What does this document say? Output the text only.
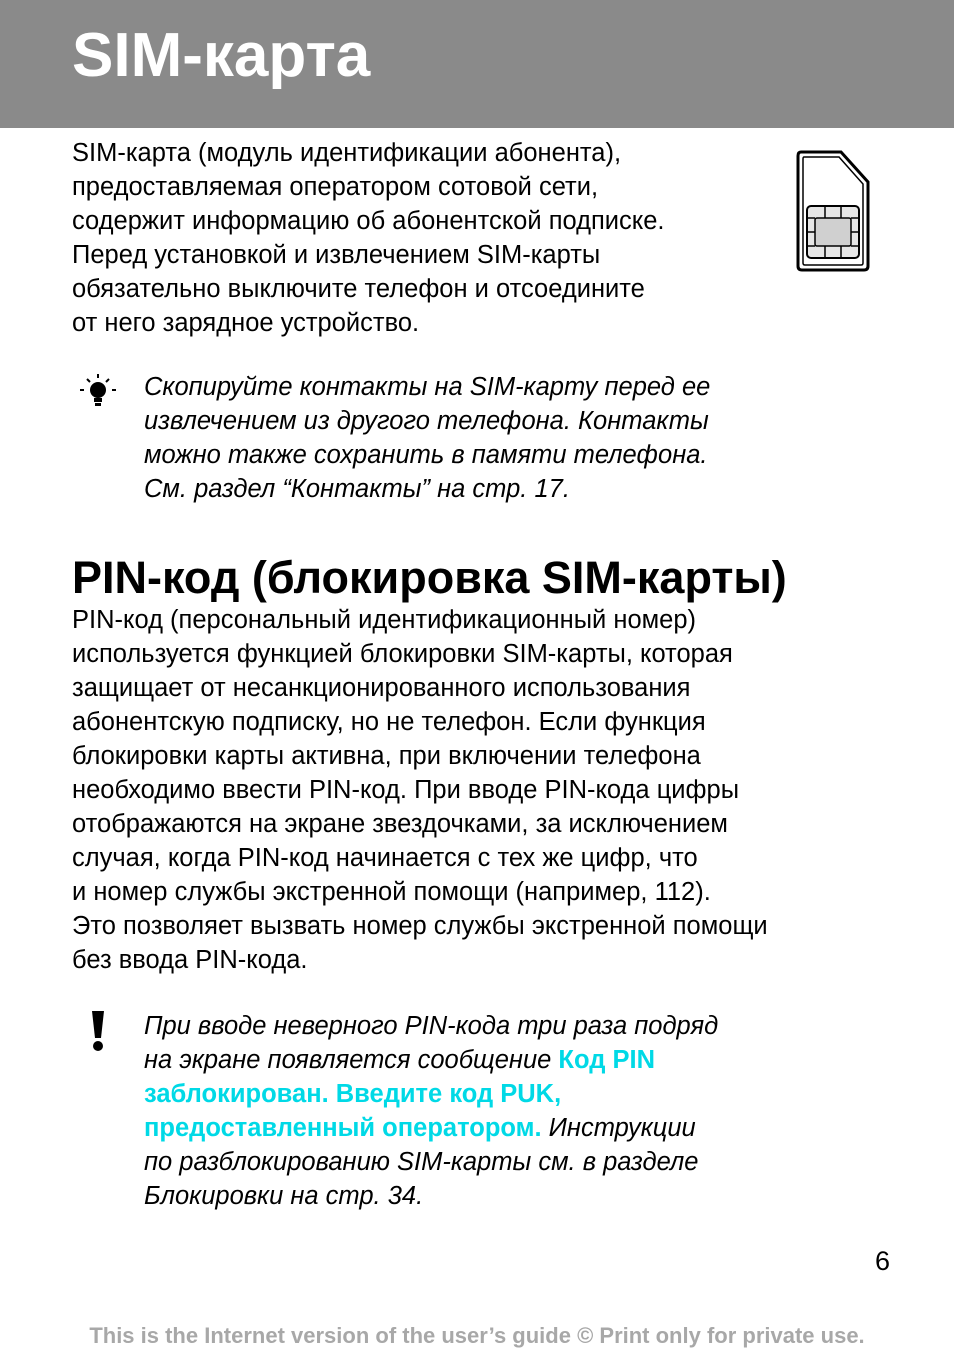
SIM-карта

SIM-карта (модуль идентификации абонента),
предоставляемая оператором сотовой сети,
содержит информацию об абонентской подписке.
Перед установкой и извлечением SIM-карты
обязательно выключите телефон и отсоедините
от него зарядное устройство.

Скопируйте контакты на SIM-карту перед ее
извлечением из другого телефона. Контакты
можно также сохранить в памяти телефона.
См. раздел “Контакты” на стр. 17.

PIN-код (блокировка SIM-карты)

PIN-код (персональный идентификационный номер)
используется функцией блокировки SIM-карты, которая
защищает от несанкционированного использования
абонентскую подписку, но не телефон. Если функция
блокировки карты активна, при включении телефона
необходимо ввести PIN-код. При вводе PIN-кода цифры
отображаются на экране звездочками, за исключением
случая, когда PIN-код начинается с тех же цифр, что
и номер службы экстренной помощи (например, 112).
Это позволяет вызвать номер службы экстренной помощи
без ввода PIN-кода.

При вводе неверного PIN-кода три раза подряд
на экране появляется сообщение Код PIN
заблокирован. Введите код PUK,
предоставленный оператором. Инструкции
по разблокированию SIM-карты см. в разделе
Блокировки на стр. 34.

6
This is the Internet version of the user’s guide © Print only for private use.
